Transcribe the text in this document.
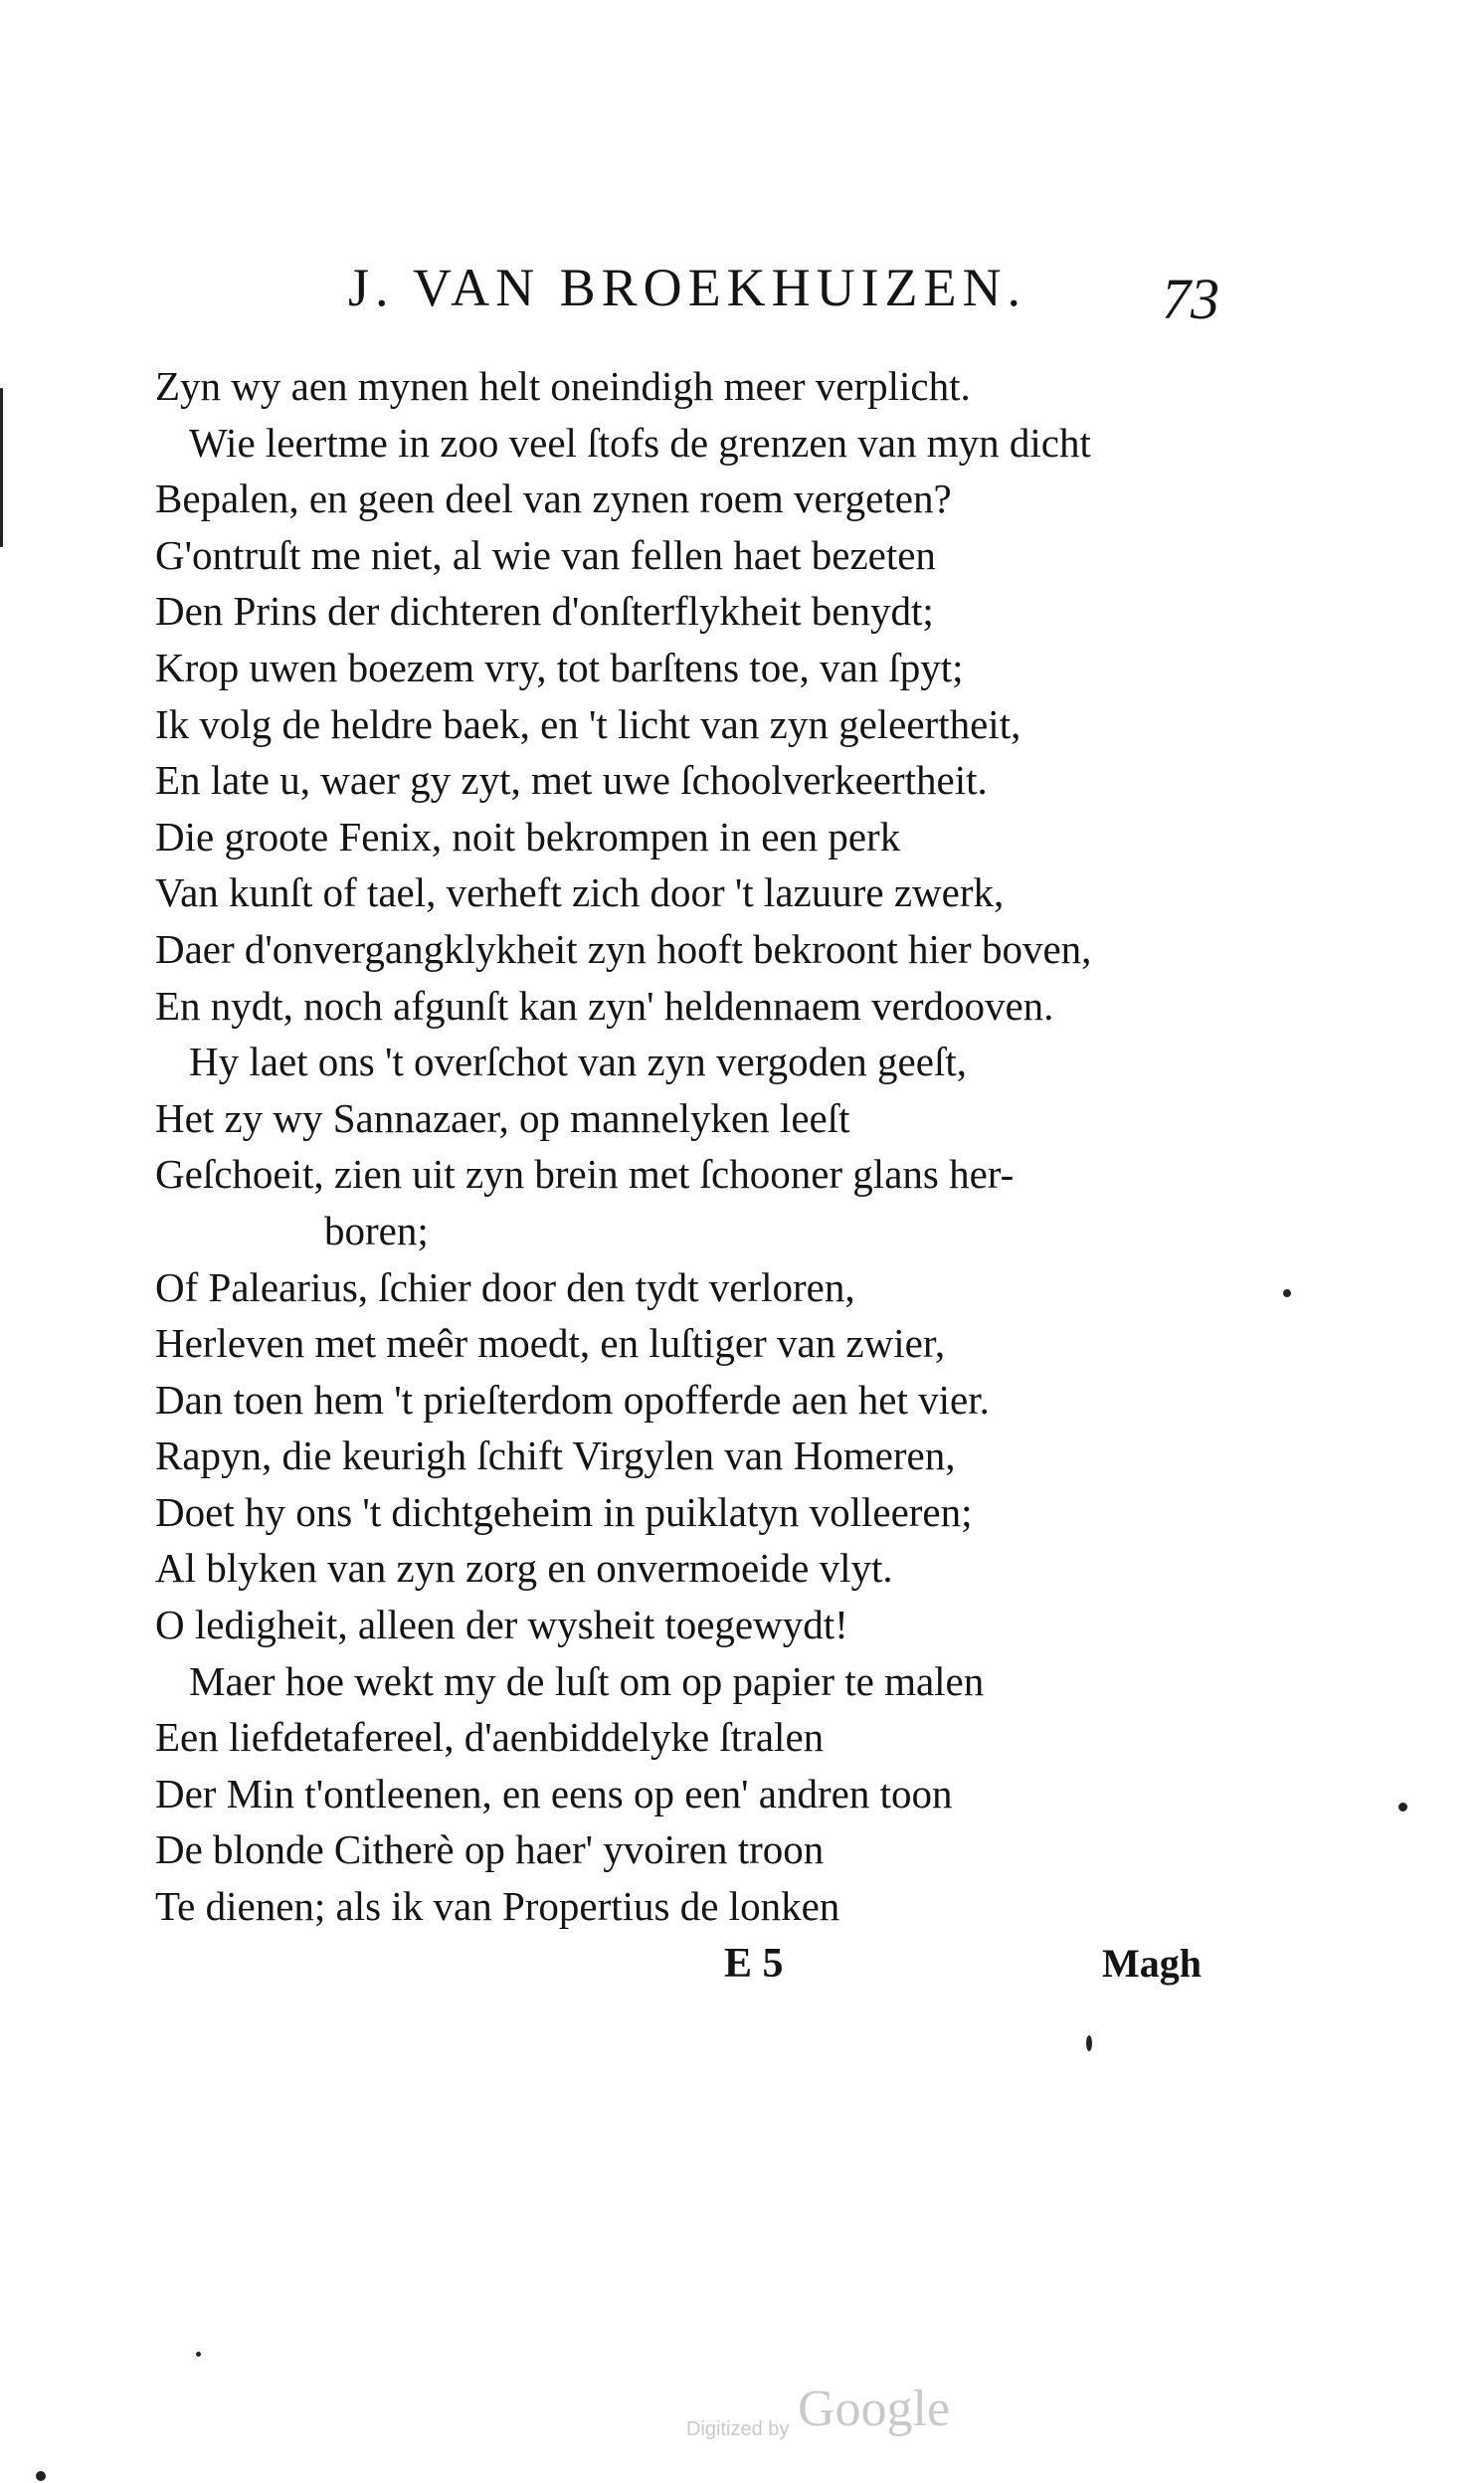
J. VAN BROEKHUIZEN. 73
Zyn wy aen mynen helt oneindigh meer verplicht.
Wie leertme in zoo veel ſtofs de grenzen van myn dicht
Bepalen, en geen deel van zynen roem vergeten?
G'ontruſt me niet, al wie van fellen haet bezeten
Den Prins der dichteren d'onſterflykheit benydt;
Krop uwen boezem vry, tot barſtens toe, van ſpyt;
Ik volg de heldre baek, en 't licht van zyn geleertheit,
En late u, waer gy zyt, met uwe ſchoolverkeertheit.
Die groote Fenix, noit bekrompen in een perk
Van kunſt of tael, verheft zich door 't lazuure zwerk,
Daer d'onvergangklykheit zyn hooft bekroont hier boven,
En nydt, noch afgunſt kan zyn' heldennaem verdooven.
Hy laet ons 't overſchot van zyn vergoden geeſt,
Het zy wy Sannazaer, op mannelyken leeſt
Geſchoeit, zien uit zyn brein met ſchooner glans her-
boren;
Of Palearius, ſchier door den tydt verloren,
Herleven met meêr moedt, en luſtiger van zwier,
Dan toen hem 't prieſterdom opofferde aen het vier.
Rapyn, die keurigh ſchift Virgylen van Homeren,
Doet hy ons 't dichtgeheim in puiklatyn volleeren;
Al blyken van zyn zorg en onvermoeide vlyt.
O ledigheit, alleen der wysheit toegewydt!
Maer hoe wekt my de luſt om op papier te malen
Een liefdetafereel, d'aenbiddelyke ſtralen
Der Min t'ontleenen, en eens op een' andren toon
De blonde Citherè op haer' yvoiren troon
Te dienen; als ik van Propertius de lonken
E 5	Magh
Digitized by Google
